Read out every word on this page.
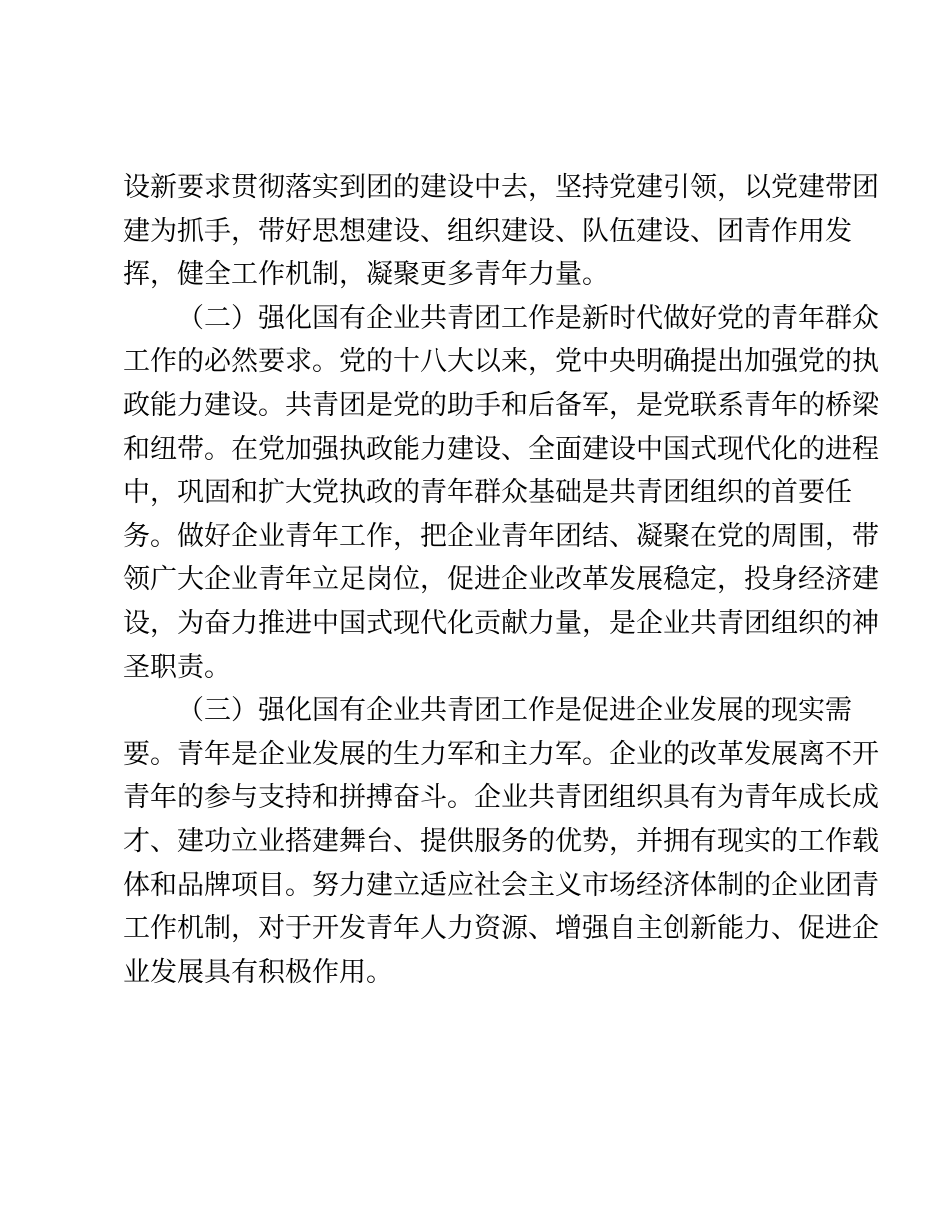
设新要求贯彻落实到团的建设中去，坚持党建引领，以党建带团

建为抓手，带好思想建设、组织建设、队伍建设、团青作用发

挥，健全工作机制，凝聚更多青年力量。

（二）强化国有企业共青团工作是新时代做好党的青年群众

工作的必然要求。党的十八大以来，党中央明确提出加强党的执

政能力建设。共青团是党的助手和后备军，是党联系青年的桥梁

和纽带。在党加强执政能力建设、全面建设中国式现代化的进程

中，巩固和扩大党执政的青年群众基础是共青团组织的首要任

务。做好企业青年工作，把企业青年团结、凝聚在党的周围，带

领广大企业青年立足岗位，促进企业改革发展稳定，投身经济建

设，为奋力推进中国式现代化贡献力量，是企业共青团组织的神

圣职责。

（三）强化国有企业共青团工作是促进企业发展的现实需

要。青年是企业发展的生力军和主力军。企业的改革发展离不开

青年的参与支持和拼搏奋斗。企业共青团组织具有为青年成长成

才、建功立业搭建舞台、提供服务的优势，并拥有现实的工作载

体和品牌项目。努力建立适应社会主义市场经济体制的企业团青

工作机制，对于开发青年人力资源、增强自主创新能力、促进企

业发展具有积极作用。
